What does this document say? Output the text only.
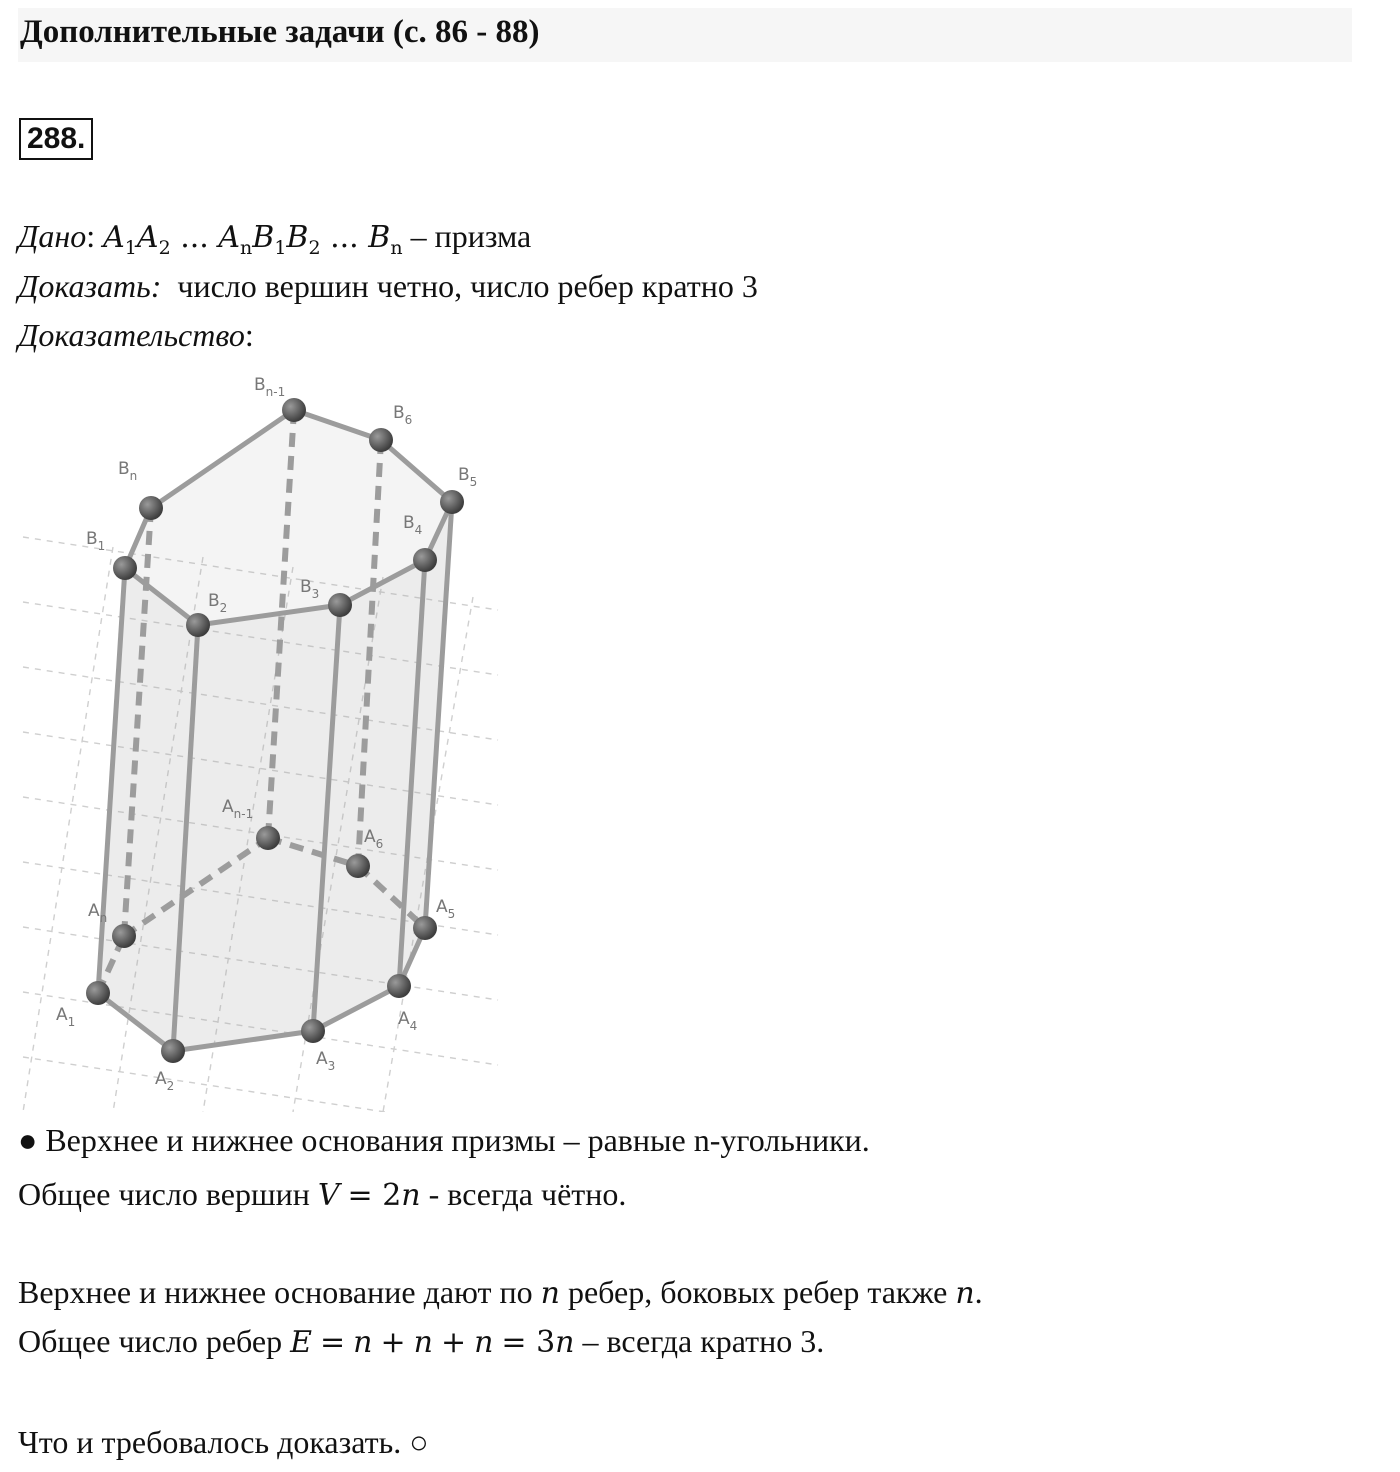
Дополнительные задачи (с. 86 - 88)
288.
Дано: $A_1A_2$ ... $A_nB_1B_2$ ... $B_n$ – призма
Доказать: число вершин четно, число ребер кратно 3
Доказательство:
$B_1$
$B_2$
$B_3$
$B_4$
$B_5$
$B_6$
$B_{n-1}$
$B_n$
$A_1$
$A_2$
$A_3$
$A_4$
$A_5$
$A_6$
$A_{n-1}$
$A_n$
● Верхнее и нижнее основания призмы – равные n-угольники.
Общее число вершин V = 2n - всегда чётно.
Верхнее и нижнее основание дают по n ребер, боковых ребер также n.
Общее число ребер E = n + n + n = 3n – всегда кратно 3.
Что и требовалось доказать. ○
